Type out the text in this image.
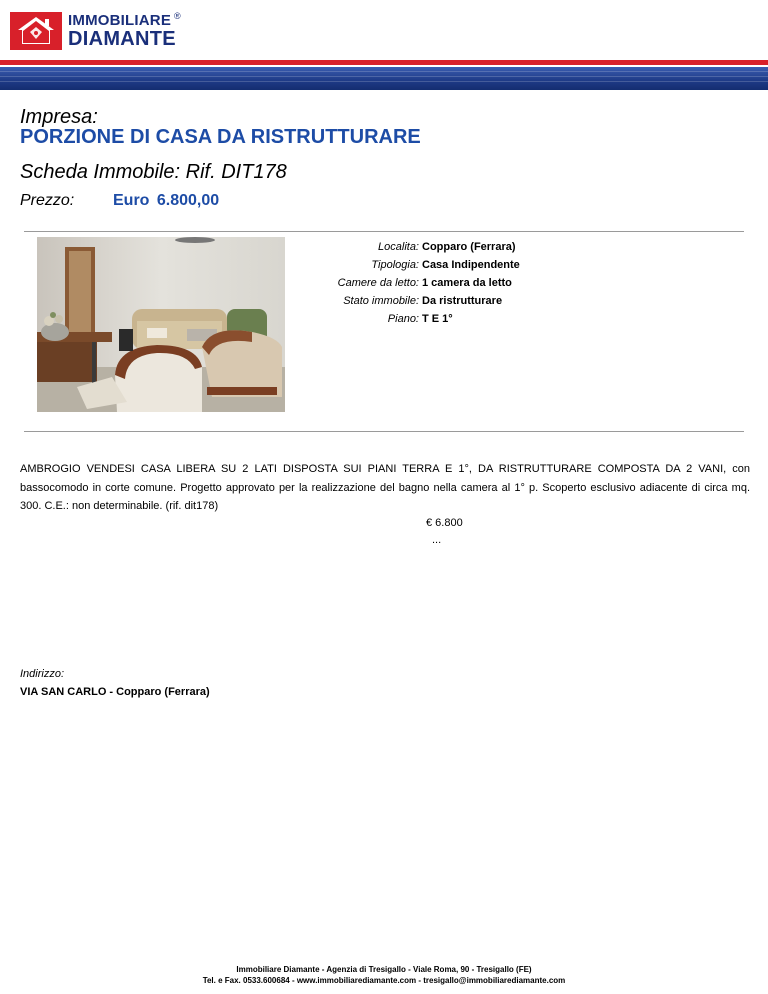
IMMOBILIARE ®
DIAMANTE
Impresa:
PORZIONE DI CASA DA RISTRUTTURARE
Scheda Immobile: Rif. DIT178
Prezzo: Euro 6.800,00
Localita: Copparo (Ferrara)
Tipologia: Casa Indipendente
Camere da letto: 1 camera da letto
Stato immobile: Da ristrutturare
Piano: T E 1°
AMBROGIO VENDESI CASA LIBERA SU 2 LATI DISPOSTA SUI PIANI TERRA E 1°, DA RISTRUTTURARE COMPOSTA DA 2 VANI, con bassocomodo in corte comune. Progetto approvato per la realizzazione del bagno nella camera al 1° p. Scoperto esclusivo adiacente di circa mq. 300. C.E.: non determinabile. (rif. dit178)
€ 6.800
...
Indirizzo:
VIA SAN CARLO - Copparo (Ferrara)
Immobiliare Diamante - Agenzia di Tresigallo - Viale Roma, 90 - Tresigallo (FE)
Tel. e Fax. 0533.600684 - www.immobiliarediamante.com - tresigallo@immobiliarediamante.com
